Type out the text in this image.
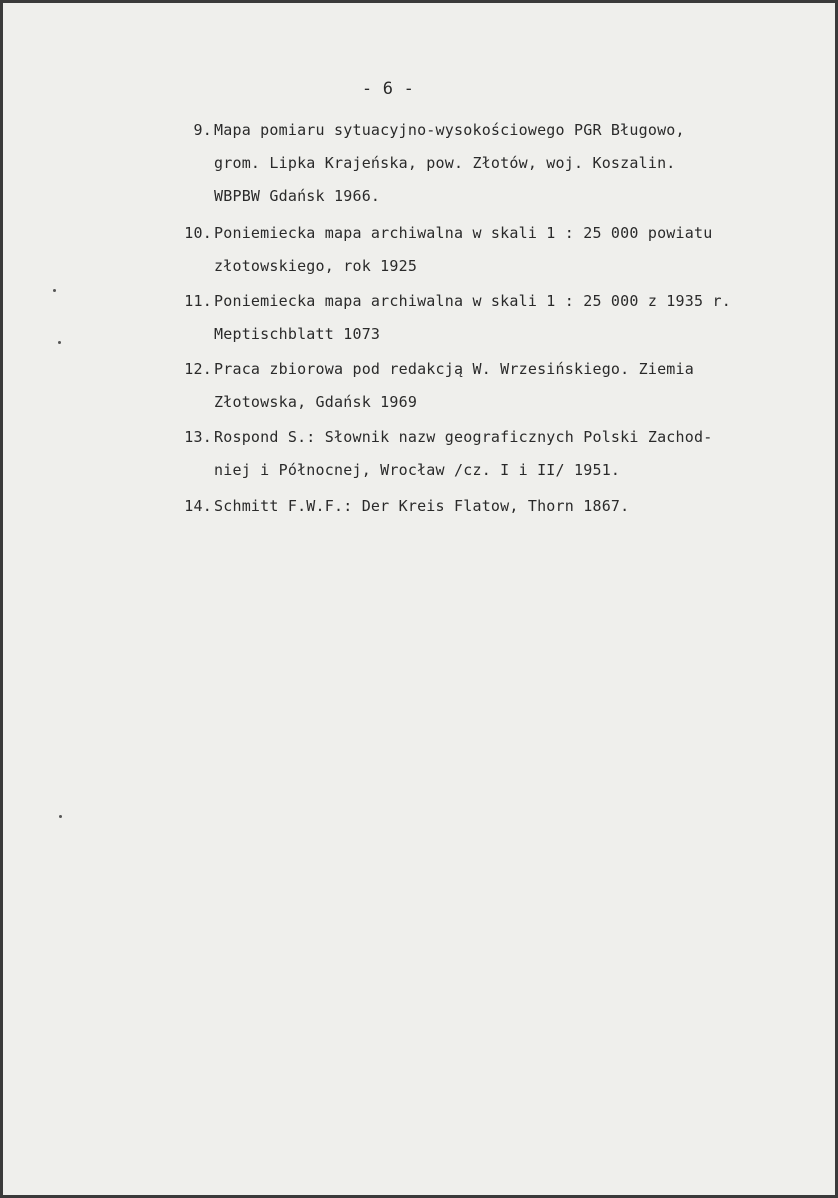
- 6 -

9.

Mapa pomiaru sytuacyjno-wysokościowego PGR Bługowo,

grom. Lipka Krajeńska, pow. Złotów, woj. Koszalin.

WBPBW Gdańsk 1966.

10.

Poniemiecka mapa archiwalna w skali 1 : 25 000 powiatu

złotowskiego, rok 1925

11.

Poniemiecka mapa archiwalna w skali 1 : 25 000 z 1935 r.

Meptischblatt 1073

12.

Praca zbiorowa pod redakcją W. Wrzesińskiego. Ziemia

Złotowska, Gdańsk 1969

13.

Rospond S.: Słownik nazw geograficznych Polski Zachod-

niej i Północnej, Wrocław /cz. I i II/ 1951.

14.

Schmitt F.W.F.: Der Kreis Flatow, Thorn 1867.
